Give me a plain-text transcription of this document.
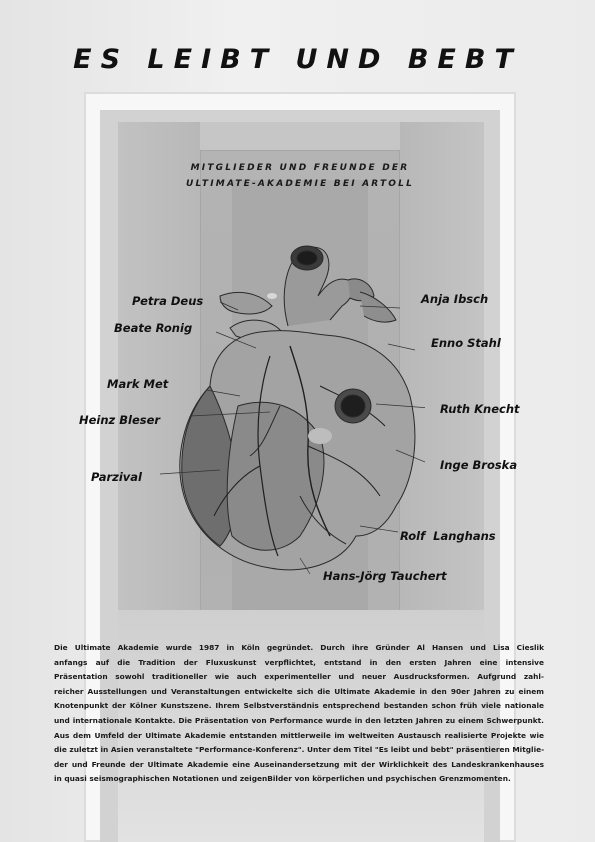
ES LEIBT UND BEBT
MITGLIEDER UND FREUNDE DER
ULTIMATE-AKADEMIE BEI ARTOLL
Petra Deus
Beate Ronig
Mark Met
Heinz Bleser
Parzival
Anja Ibsch
Enno Stahl
Ruth Knecht
Inge Broska
Rolf  Langhans
Hans-Jörg Tauchert
Die Ultimate Akademie wurde 1987 in Köln gegründet. Durch ihre Gründer Al Hansen und Lisa Cieslik
anfangs auf die Tradition der Fluxuskunst verpflichtet, entstand in den ersten Jahren eine intensive
Präsentation sowohl traditioneller wie auch experimenteller und neuer Ausdrucksformen. Aufgrund zahl-
reicher Ausstellungen und Veranstaltungen entwickelte sich die Ultimate Akademie in den 90er Jahren zu einem
Knotenpunkt der Kölner Kunstszene. Ihrem Selbstverständnis entsprechend bestanden schon früh viele nationale
und internationale Kontakte. Die Präsentation von Performance wurde in den letzten Jahren zu einem Schwerpunkt.
Aus dem Umfeld der Ultimate Akademie entstanden mittlerweile im weltweiten Austausch realisierte Projekte wie
die zuletzt in Asien veranstaltete "Performance-Konferenz". Unter dem Titel "Es leibt und bebt" präsentieren Mitglie-
der und Freunde der Ultimate Akademie eine Auseinandersetzung mit der Wirklichkeit des Landeskrankenhauses
in quasi seismographischen Notationen und zeigenBilder von körperlichen und psychischen Grenzmomenten.
